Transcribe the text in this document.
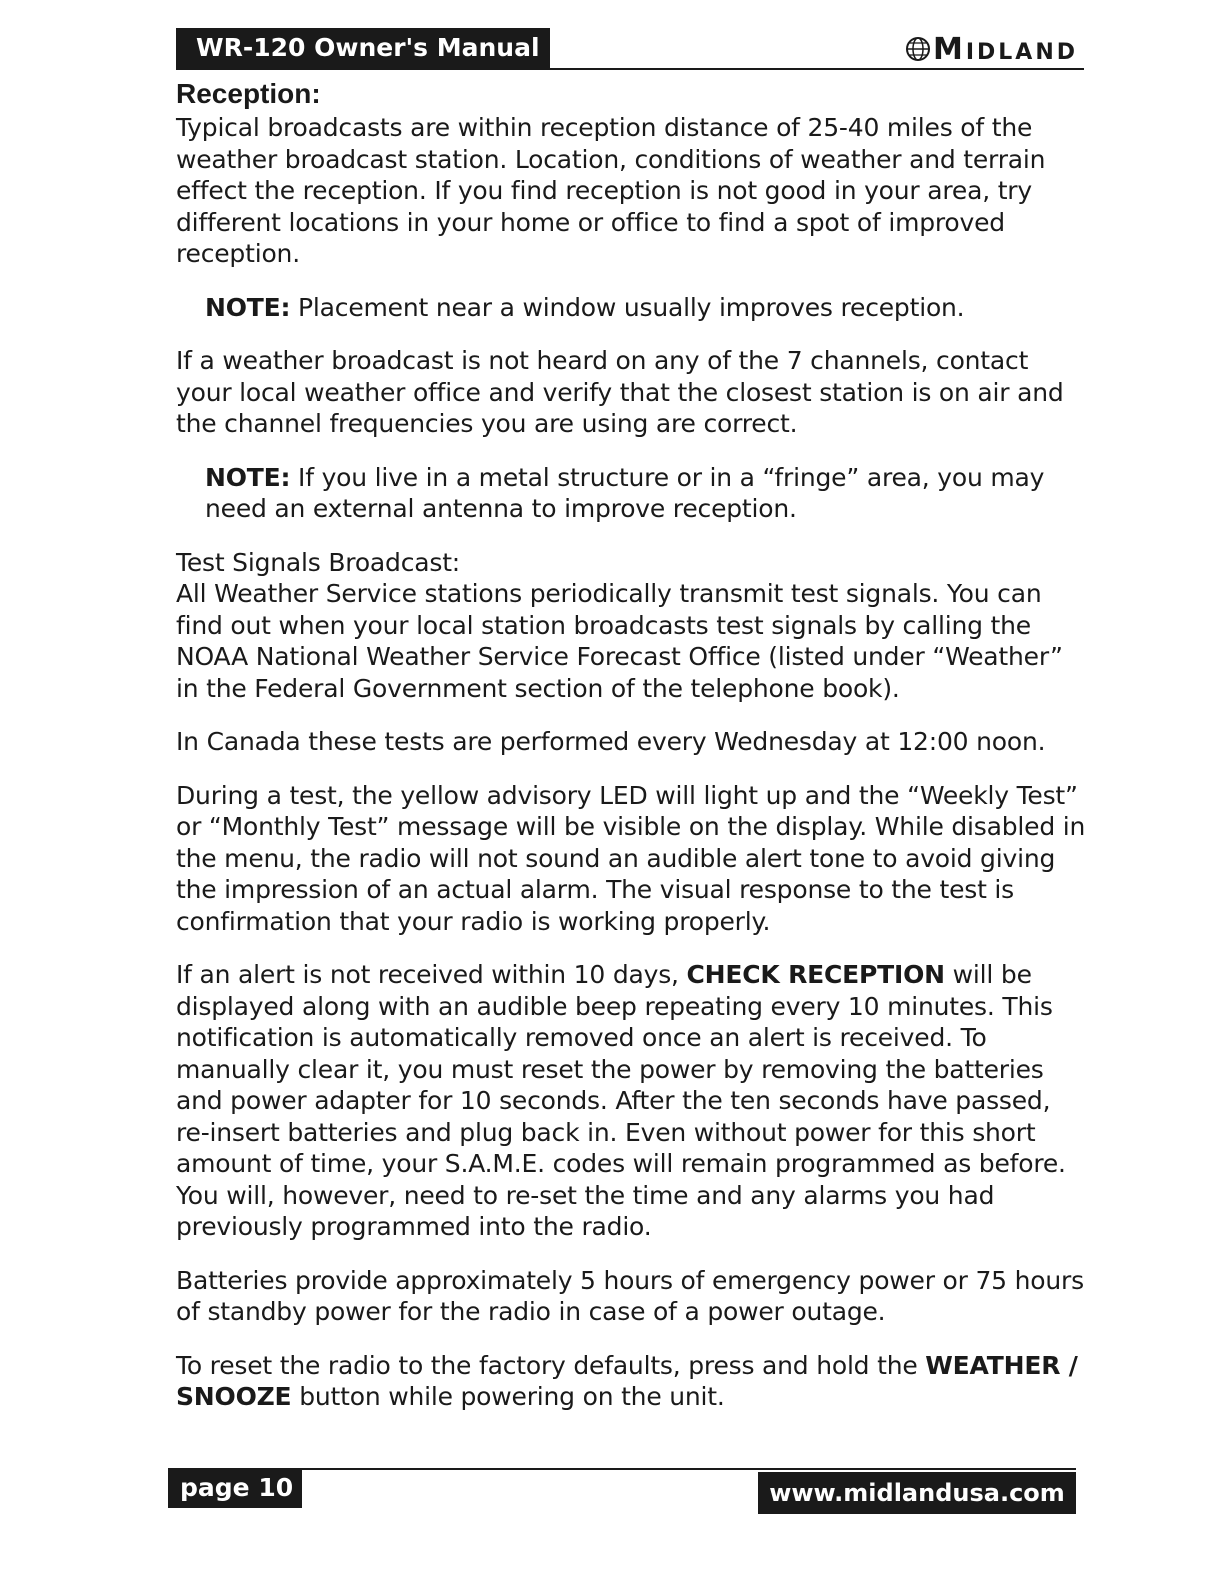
WR-120 Owner's Manual	MIDLAND
Reception:

Typical broadcasts are within reception distance of 25-40 miles of the weather broadcast station. Location, conditions of weather and terrain effect the reception. If you find reception is not good in your area, try different locations in your home or office to find a spot of improved reception.

NOTE: Placement near a window usually improves reception.

If a weather broadcast is not heard on any of the 7 channels, contact your local weather office and verify that the closest station is on air and the channel frequencies you are using are correct.

NOTE: If you live in a metal structure or in a “fringe” area, you may need an external antenna to improve reception.

Test Signals Broadcast:

All Weather Service stations periodically transmit test signals. You can find out when your local station broadcasts test signals by calling the NOAA National Weather Service Forecast Office (listed under “Weather” in the Federal Government section of the telephone book).

In Canada these tests are performed every Wednesday at 12:00 noon.

During a test, the yellow advisory LED will light up and the “Weekly Test” or “Monthly Test” message will be visible on the display. While disabled in the menu, the radio will not sound an audible alert tone to avoid giving the impression of an actual alarm. The visual response to the test is confirmation that your radio is working properly.

If an alert is not received within 10 days, CHECK RECEPTION will be displayed along with an audible beep repeating every 10 minutes. This notification is automatically removed once an alert is received. To manually clear it, you must reset the power by removing the batteries and power adapter for 10 seconds. After the ten seconds have passed, re-insert batteries and plug back in. Even without power for this short amount of time, your S.A.M.E. codes will remain programmed as before. You will, however, need to re-set the time and any alarms you had previously programmed into the radio.

Batteries provide approximately 5 hours of emergency power or 75 hours of standby power for the radio in case of a power outage.

To reset the radio to the factory defaults, press and hold the WEATHER / SNOOZE button while powering on the unit.

page 10	www.midlandusa.com
